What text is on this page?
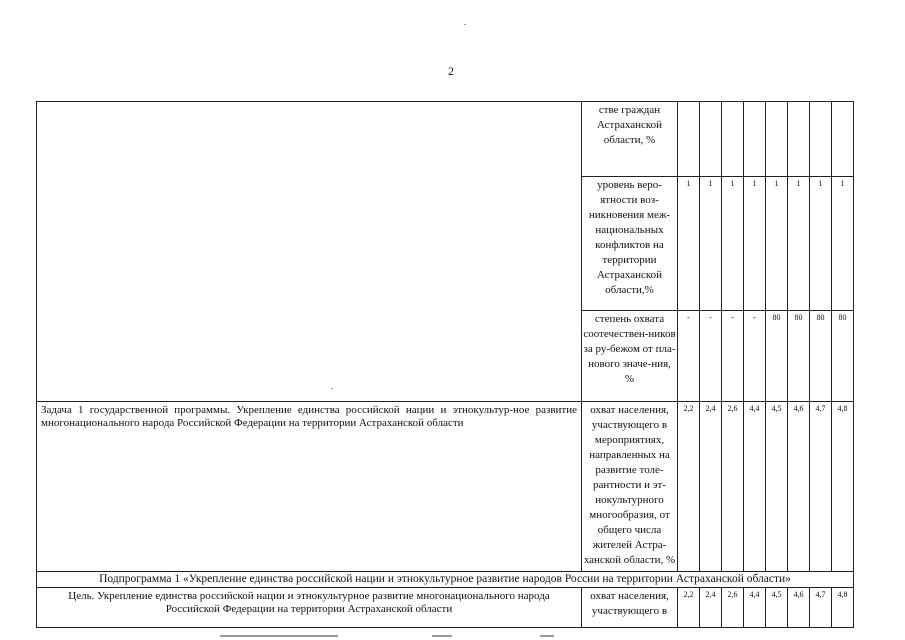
2
	стве граждан Астраханской области, %								
	уровень веро-ятности воз-никновения меж-национальных конфликтов на территории Астраханской области,%	1	1	1	1	1	1	1	1
	степень охвата соотечествен-ников за ру-бежом от пла-нового значе-ния, %	-	-	-	-	80	80	80	80
Задача 1 государственной программы. Укрепление единства российской нации и этнокультур-ное развитие многонационального народа Российской Федерации на территории Астраханской области	охват населения, участвующего в мероприятиях, направленных на развитие толе-рантности и эт-нокультурного многообразия, от общего числа жителей Астра-ханской области, %	2,2	2,4	2,6	4,4	4,5	4,6	4,7	4,8
Подпрограмма 1 «Укрепление единства российской нации и этнокультурное развитие народов России на территории Астраханской области»									
Цель. Укрепление единства российской нации и этнокультурное развитие многонационального народа Российской Федерации на территории Астраханской области	охват населения, участвующего в	2,2	2,4	2,6	4,4	4,5	4,6	4,7	4,8
